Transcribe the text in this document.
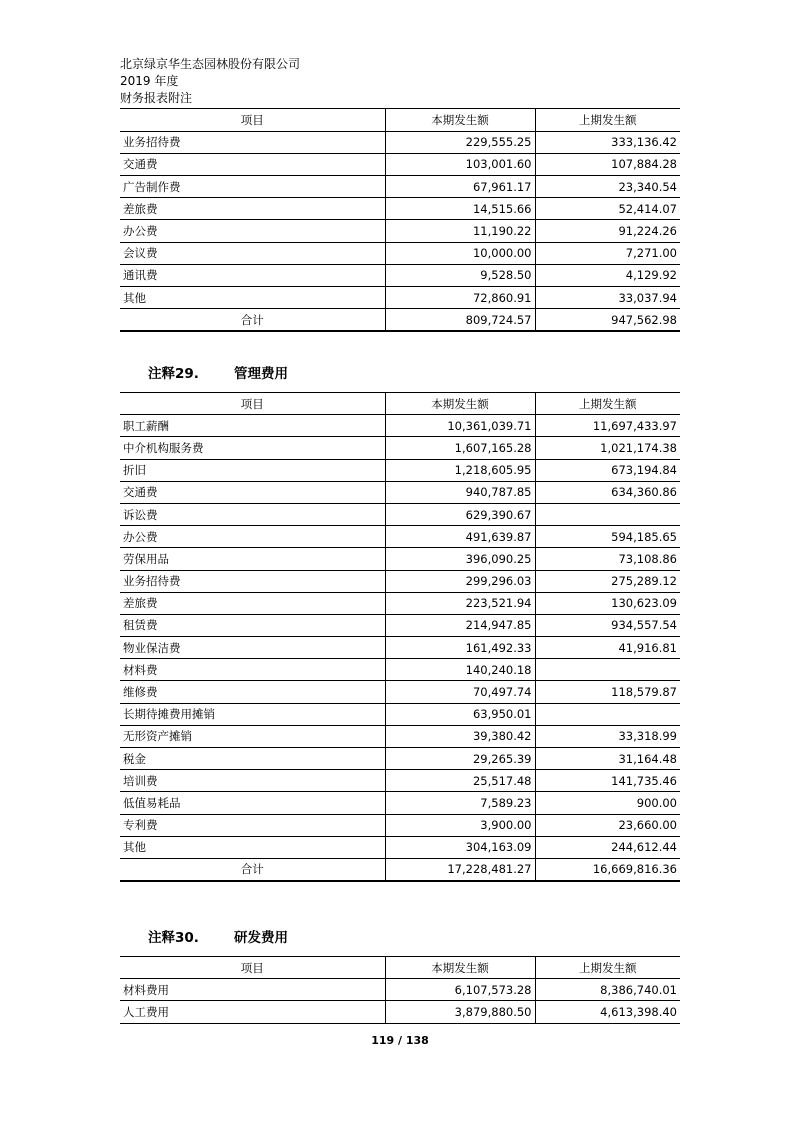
北京绿京华生态园林股份有限公司
2019 年度
财务报表附注
项目	本期发生额	上期发生额
业务招待费	229,555.25	333,136.42
交通费	103,001.60	107,884.28
广告制作费	67,961.17	23,340.54
差旅费	14,515.66	52,414.07
办公费	11,190.22	91,224.26
会议费	10,000.00	7,271.00
通讯费	9,528.50	4,129.92
其他	72,860.91	33,037.94
合计	809,724.57	947,562.98
注释29.	管理费用
项目	本期发生额	上期发生额
职工薪酬	10,361,039.71	11,697,433.97
中介机构服务费	1,607,165.28	1,021,174.38
折旧	1,218,605.95	673,194.84
交通费	940,787.85	634,360.86
诉讼费	629,390.67	
办公费	491,639.87	594,185.65
劳保用品	396,090.25	73,108.86
业务招待费	299,296.03	275,289.12
差旅费	223,521.94	130,623.09
租赁费	214,947.85	934,557.54
物业保洁费	161,492.33	41,916.81
材料费	140,240.18	
维修费	70,497.74	118,579.87
长期待摊费用摊销	63,950.01	
无形资产摊销	39,380.42	33,318.99
税金	29,265.39	31,164.48
培训费	25,517.48	141,735.46
低值易耗品	7,589.23	900.00
专利费	3,900.00	23,660.00
其他	304,163.09	244,612.44
合计	17,228,481.27	16,669,816.36
注释30.	研发费用
项目	本期发生额	上期发生额
材料费用	6,107,573.28	8,386,740.01
人工费用	3,879,880.50	4,613,398.40
119 / 138
